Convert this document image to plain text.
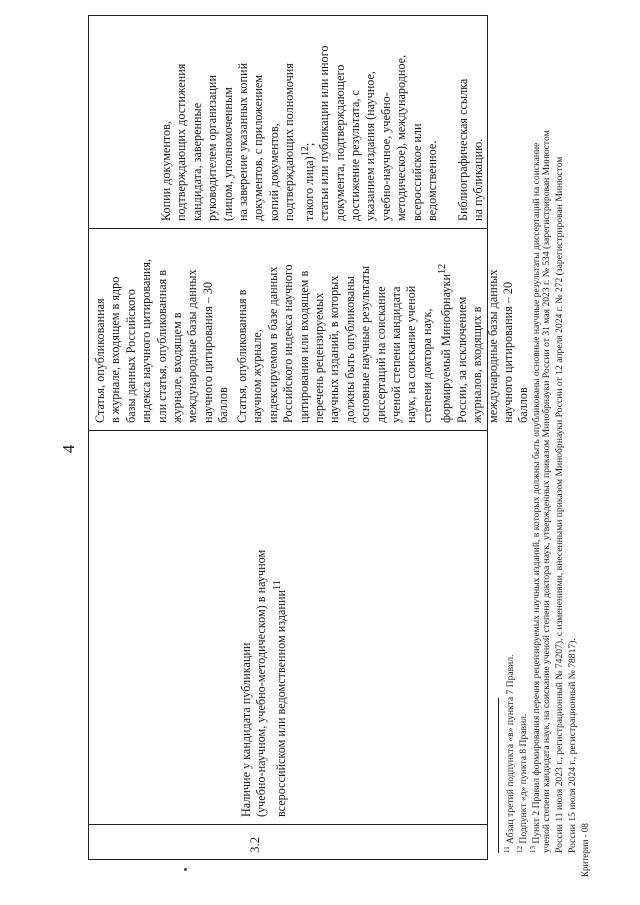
4
3.2
Наличие у кандидата публикации (учебно-научном, учебно-методическом) в научном всероссийском или ведомственном издании$^{11}$
Статья, опубликованная в журнале, входящем в ядро базы данных Российского индекса научного цитирования, или статья, опубликованная в журнале, входящем в международные базы данных научного цитирования – 30 баллов Статья, опубликованная в научном журнале, индексируемом в базе данных Российского индекса научного цитирования или входящем в перечень рецензируемых научных изданий, в которых должны быть опубликованы основные научные результаты диссертаций на соискание ученой степени кандидата наук, на соискание ученой степени доктора наук, формируемый Минобрнауки$^{12}$
России, за исключением журналов, входящих в международные базы данных научного цитирования – 20 баллов
Копии документов, подтверждающих достижения кандидата, заверенные руководителем организации (лицом, уполномоченным на заверение указанных копий документов, с приложением копий документов, подтверждающих полномочия такого лица)$^{12}$; статьи или публикации или иного документа, подтверждающего достижение результата, с указанием издания (научное, учебно-научное, учебно- методическое), международное, всероссийское или ведомственное.
Библиографическая ссылка на публикацию.
$^{11}$ Абзац третий подпункта «в» пункта 7 Правил.
$^{12}$ Подпункт «д» пункта 8 Правил.
$^{13}$ Пункт 2 Правил формирования перечня рецензируемых научных изданий, в которых должны быть опубликованы основные научные результаты диссертаций на соискание
ученой степени кандидата наук, на соискание ученой степени доктора наук, утвержденных приказом Минобрнауки России от 31 мая 2023 г. № 534 (зарегистрирован Минюстом России 11 июля 2023 г., регистрационный № 74207), с изменениями, внесенными приказом Минобрнауки России от 12 апреля 2024 г. № 272 (зарегистрирован Минюстом России 15 июля 2024 г., регистрационный № 78817). Критерии - 08
